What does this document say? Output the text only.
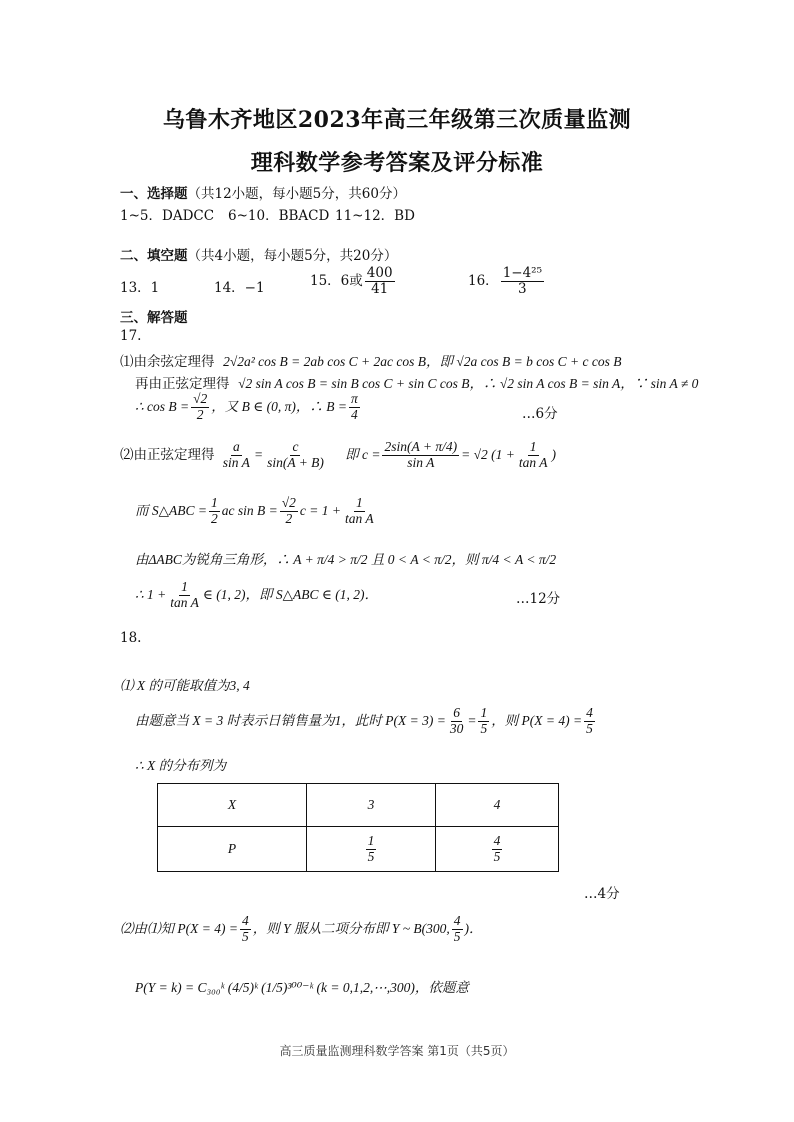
乌鲁木齐地区2023年高三年级第三次质量监测
理科数学参考答案及评分标准
一、选择题（共12小题，每小题5分，共60分）
1~5．DADCC 6~10．BBACD 11~12．BD
二、填空题（共4小题，每小题5分，共20分）
13．1	14．−1	15．6或 $\frac{400}{41}$	16． $\frac{\text{1−4²⁵}}{3}$
三、解答题
17.
⑴由余弦定理得 2√2a² cos B = 2ab cos C + 2ac cos B，即 √2a cos B = b cos C + c cos B
再由正弦定理得 √2 sin A cos B = sin B cos C + sin C cos B，∴ √2 sin A cos B = sin A，∵ sin A ≠ 0
∴ $\cos B = \frac{√2}{2}$ ，又 B ∈ (0, π)，∴ $B = \frac{\pi}{4}$	…6分
⑵由正弦定理得 $\frac{a}{\text{sin A}} = \frac{c}{\sin(A + B)}$ 即 $c = \frac{2\sin(A + \pi/4)}{\text{sin A}} = √2$ ($1 + \frac{1}{\text{tan A}}$ )
而 S△ABC = $\frac{1}{2}$ ac $\sin B = \frac{√2}{2}$ $c = 1 + \frac{1}{\text{tan A}}$
由ΔABC为锐角三角形，∴ A + π/4 > π/2 且 0 < A < π/2，则 π/4 < A < π/2
∴ $1 + \frac{1}{\text{tan A}}$ ∈ (1, 2)，即 S△ABC ∈ (1, 2)．	…12分
18.
⑴ X 的可能取值为3, 4
由题意当 X = 3 时表示日销售量为1，此时 $P(X = 3) = \frac{6}{30} = \frac{1}{5}$ ，则 $P(X = 4) = \frac{4}{5}$
∴ X 的分布列为
X	3	4
P	$\frac{1}{5}$	$\frac{4}{5}$
…4分
⑵由⑴知 $P(X = 4) = \frac{4}{5}$ ，则 Y 服从二项分布即 Y ~ B(300, $\frac{4}{5}$ )．
P(Y = k) = C₃₀₀ᵏ (4/5)ᵏ (1/5)³⁰⁰⁻ᵏ (k = 0,1,2,⋯,300)，依题意
高三质量监测理科数学答案 第1页（共5页）
